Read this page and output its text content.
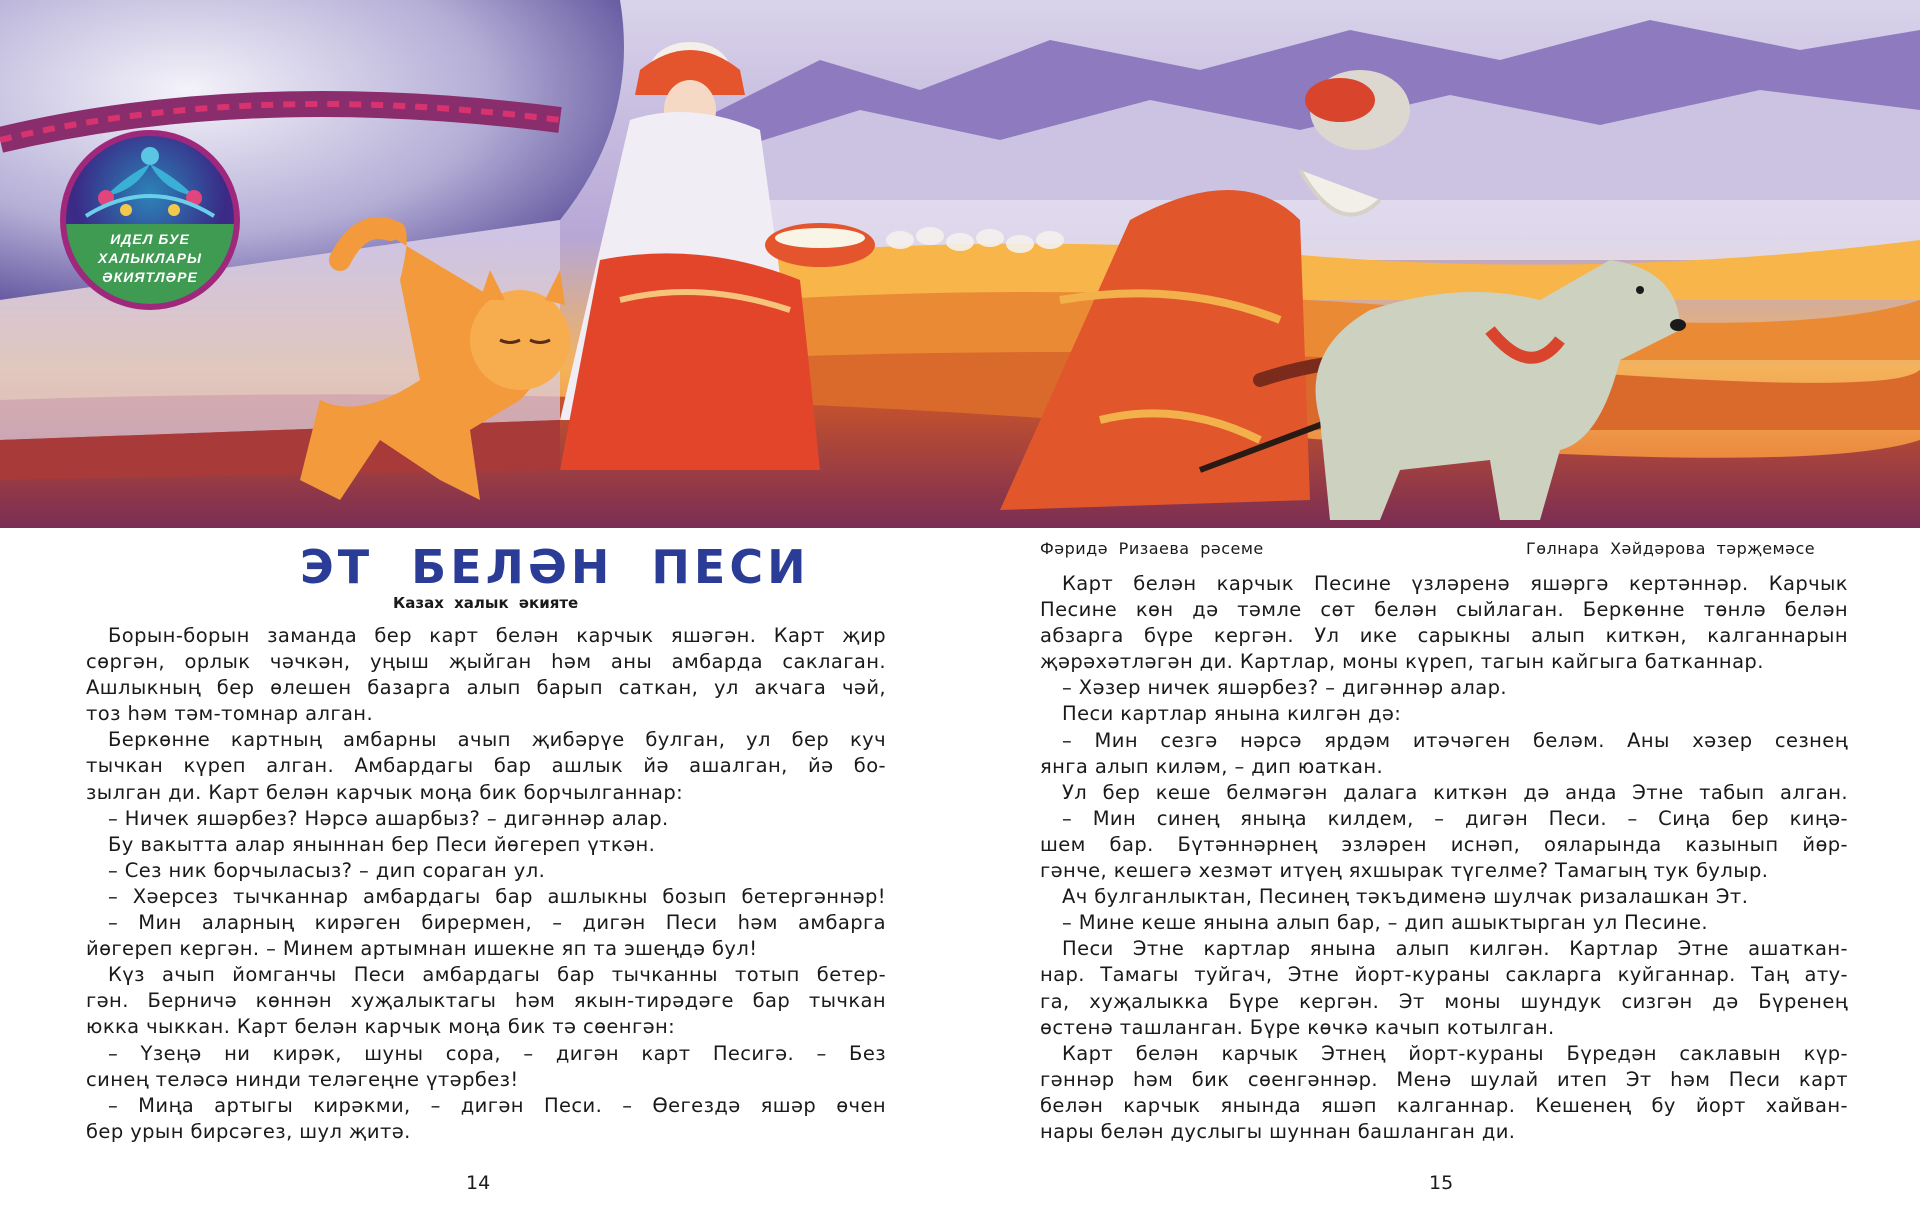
ИДЕЛ БУЕ
ХАЛЫКЛАРЫ
ӘКИЯТЛӘРЕ
ЭТ БЕЛӘН ПЕСИ
Казах халык әкияте
Борын-борын заманда бер карт белән карчык яшәгән. Карт җир
сөргән, орлык чәчкән, уңыш җыйган һәм аны амбарда саклаган.
Ашлыкның бер өлешен базарга алып барып саткан, ул акчага чәй,
тоз һәм тәм-томнар алган.
Беркөнне картның амбарны ачып җибәрүе булган, ул бер куч
тычкан күреп алган. Амбардагы бар ашлык йә ашалган, йә бо-
зылган ди. Карт белән карчык моңа бик борчылганнар:
– Ничек яшәрбез? Нәрсә ашарбыз? – дигәннәр алар.
Бу вакытта алар яныннан бер Песи йөгереп үткән.
– Сез ник борчыласыз? – дип сораган ул.
– Хәерсез тычканнар амбардагы бар ашлыкны бозып бетергәннәр!
– Мин аларның кирәген бирермен, – дигән Песи һәм амбарга
йөгереп кергән. – Минем артымнан ишекне яп та эшеңдә бул!
Күз ачып йомганчы Песи амбардагы бар тычканны тотып бетер-
гән. Берничә көннән хуҗалыктагы һәм якын-тирәдәге бар тычкан
юкка чыккан. Карт белән карчык моңа бик тә сөенгән:
– Үзеңә ни кирәк, шуны сора, – дигән карт Песигә. – Без
синең теләсә нинди теләгеңне үтәрбез!
– Миңа артыгы кирәкми, – дигән Песи. – Өегездә яшәр өчен
бер урын бирсәгез, шул җитә.
14
Фәридә Ризаева рәсеме	Гөлнара Хәйдәрова тәрҗемәсе
Карт белән карчык Песине үзләренә яшәргә кертәннәр. Карчык
Песине көн дә тәмле сөт белән сыйлаган. Беркөнне төнлә белән
абзарга бүре кергән. Ул ике сарыкны алып киткән, калганнарын
җәрәхәтләгән ди. Картлар, моны күреп, тагын кайгыга батканнар.
– Хәзер ничек яшәрбез? – дигәннәр алар.
Песи картлар янына килгән дә:
– Мин сезгә нәрсә ярдәм итәчәген беләм. Аны хәзер сезнең
янга алып киләм, – дип юаткан.
Ул бер кеше белмәгән далага киткән дә анда Этне табып алган.
– Мин синең яныңа килдем, – дигән Песи. – Сиңа бер киңә-
шем бар. Бүтәннәрнең эзләрен иснәп, ояларында казынып йөр-
гәнче, кешегә хезмәт итүең яхшырак түгелме? Тамагың тук булыр.
Ач булганлыктан, Песинең тәкъдименә шулчак ризалашкан Эт.
– Мине кеше янына алып бар, – дип ашыктырган ул Песине.
Песи Этне картлар янына алып килгән. Картлар Этне ашаткан-
нар. Тамагы туйгач, Этне йорт-кураны сакларга куйганнар. Таң ату-
га, хуҗалыкка Бүре кергән. Эт моны шундук сизгән дә Бүренең
өстенә ташланган. Бүре көчкә качып котылган.
Карт белән карчык Этнең йорт-кураны Бүредән саклавын күр-
гәннәр һәм бик сөенгәннәр. Менә шулай итеп Эт һәм Песи карт
белән карчык янында яшәп калганнар. Кешенең бу йорт хайван-
нары белән дуслыгы шуннан башланган ди.
15
